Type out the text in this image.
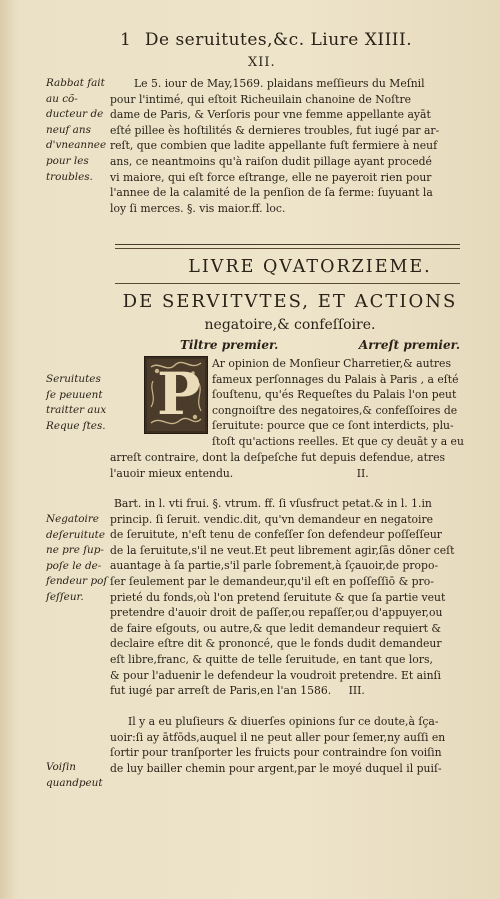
1 De seruitutes,&c. Liure XIIII.
XII.
Rabbat fait au cõ- ducteur de neuf ans d'vneannee pour les troubles.

Le 5. iour de May,1569. plaidans meſſieurs du Meſnil

pour l'intimé, qui eſtoit Richeuilain chanoine de Noſtre

dame de Paris, & Verſoris pour vne femme appellante ayāt

eſté pillee ès hoſtilités & dernieres troubles, fut iugé par ar-

reſt, que combien que ladite appellante fuſt fermiere à neuf

ans, ce neantmoins qu'à raiſon dudit pillage ayant procedé

vi maiore, qui eſt force eſtrange, elle ne payeroit rien pour

l'annee de la calamité de la penſion de ſa ferme: ſuyuant la

loy ſi merces. §. vis maior.ff. loc.

LIVRE QVATORZIEME.
DE SERVITVTES, ET ACTIONS
negatoire,& confeſſoire.
Tiltre premier.	Arreſt premier.
P
Seruitutes ſe peuuent traitter aux Reque ſtes.

Ar opinion de Monſieur Charretier,& autres

fameux perſonnages du Palais à Paris , a eſté

ſouſtenu, qu'és Requeſtes du Palais l'on peut

congnoiſtre des negatoires,& confeſſoires de

ſeruitute: pource que ce ſont interdicts, plu-

ſtoſt qu'actions reelles. Et que cy deuāt y a eu

arreſt contraire, dont la deſpeſche fut depuis defendue, atres

l'auoir mieux entendu.	II.

Negatoire deſeruitute ne pre ſup- poſe le de- fendeur poſ ſeſſeur.

Bart. in l. vti frui. §. vtrum. ff. ſi vſusfruct petat.& in l. 1.in

princip. ſi ſeruit. vendic.dit, qu'vn demandeur en negatoire

de ſeruitute, n'eſt tenu de confeſſer ſon defendeur poſſeſſeur

de la ſeruitute,s'il ne veut.Et peut librement agir,ſās dōner ceſt

auantage à ſa partie,s'il parle ſobrement,à ſçauoir,de propo-

ſer ſeulement par le demandeur,qu'il eſt en poſſeſſiō & pro-

prieté du fonds,où l'on pretend ſeruitute & que ſa partie veut

pretendre d'auoir droit de paſſer,ou repaſſer,ou d'appuyer,ou

de faire eſgouts, ou autre,& que ledit demandeur requiert &

declaire eſtre dit & prononcé, que le fonds dudit demandeur

eſt libre,franc, & quitte de telle ſeruitude, en tant que lors,

& pour l'aduenir le defendeur la voudroit pretendre. Et ainſi

fut iugé par arreſt de Paris,en l'an 1586. III.

Voiſin quandpeut

Il y a eu pluſieurs & diuerſes opinions ſur ce doute,à ſça-

uoir:ſi ay ātfōds,auquel il ne peut aller pour ſemer,ny auſſi en

ſortir pour tranſporter les fruicts pour contraindre ſon voiſin

de luy bailler chemin pour argent,par le moyé duquel il puiſ-
